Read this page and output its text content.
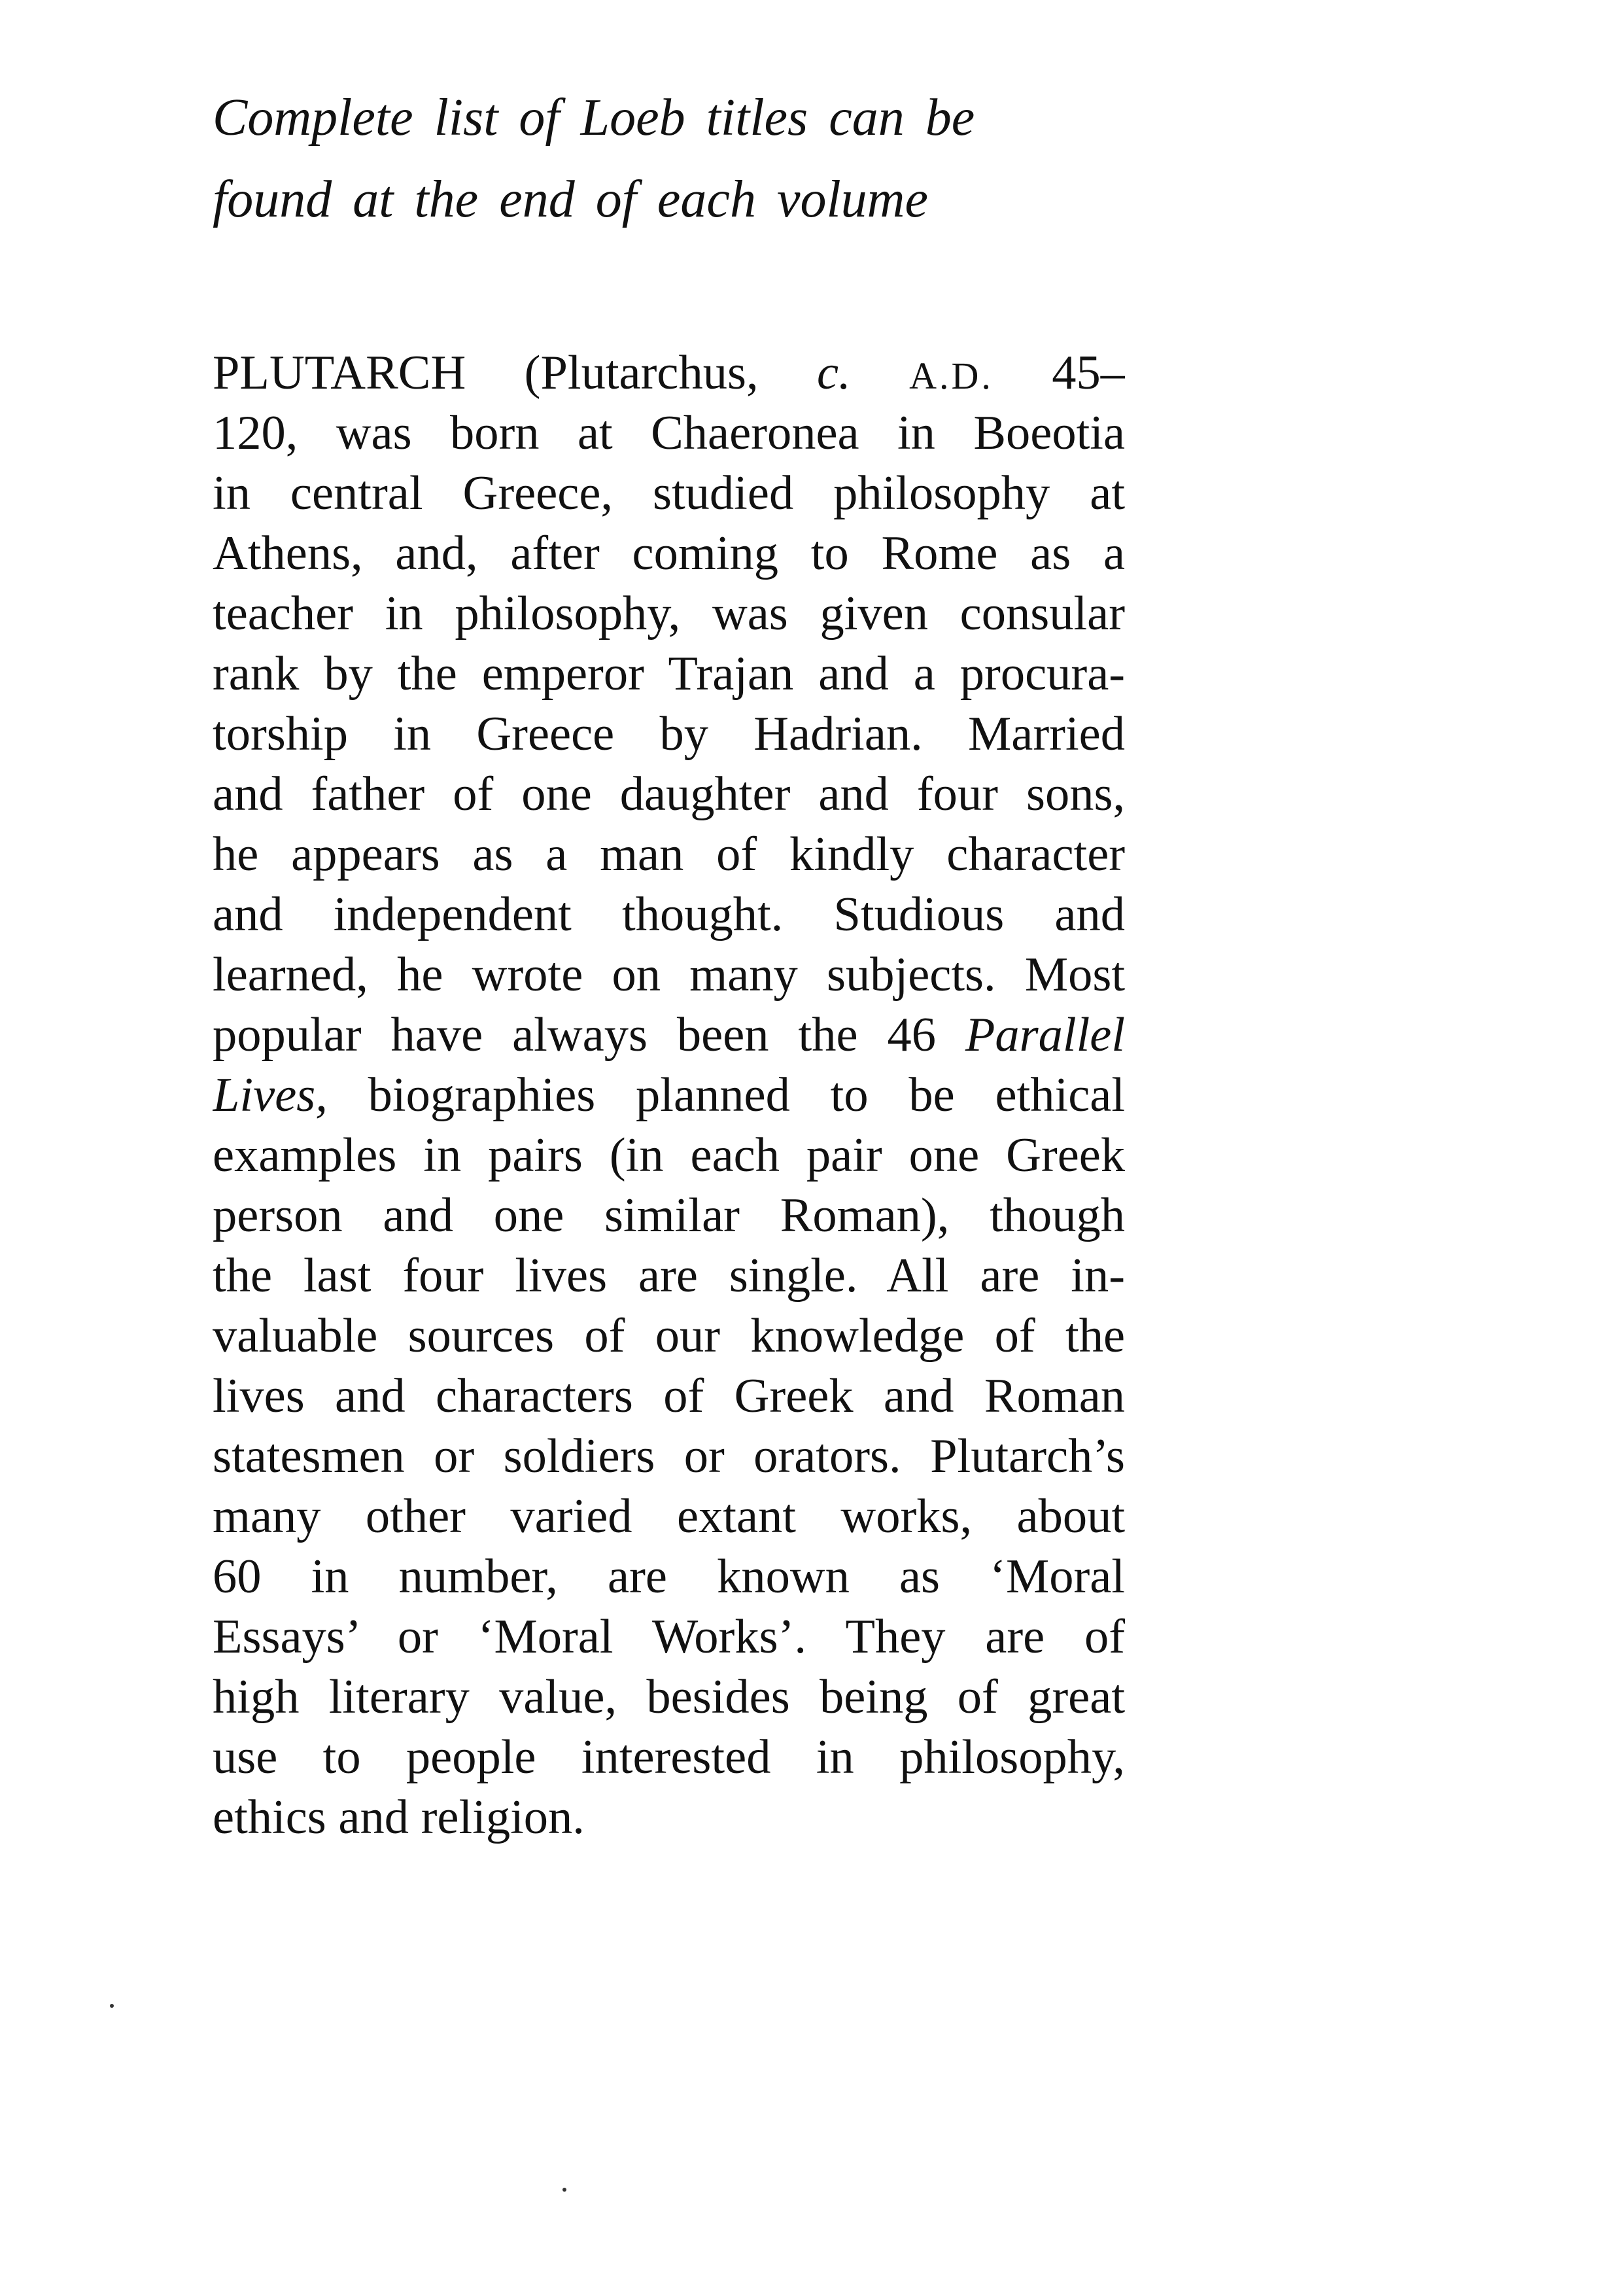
Complete list of Loeb titles can be
found at the end of each volume

PLUTARCH (Plutarchus, c. A.D. 45–
120, was born at Chaeronea in Boeotia
in central Greece, studied philosophy at
Athens, and, after coming to Rome as a
teacher in philosophy, was given consular
rank by the emperor Trajan and a procura-
torship in Greece by Hadrian. Married
and father of one daughter and four sons,
he appears as a man of kindly character
and independent thought. Studious and
learned, he wrote on many subjects. Most
popular have always been the 46 Parallel
Lives, biographies planned to be ethical
examples in pairs (in each pair one Greek
person and one similar Roman), though
the last four lives are single. All are in-
valuable sources of our knowledge of the
lives and characters of Greek and Roman
statesmen or soldiers or orators. Plutarch’s
many other varied extant works, about
60 in number, are known as ‘Moral
Essays’ or ‘Moral Works’. They are of
high literary value, besides being of great
use to people interested in philosophy,
ethics and religion.
